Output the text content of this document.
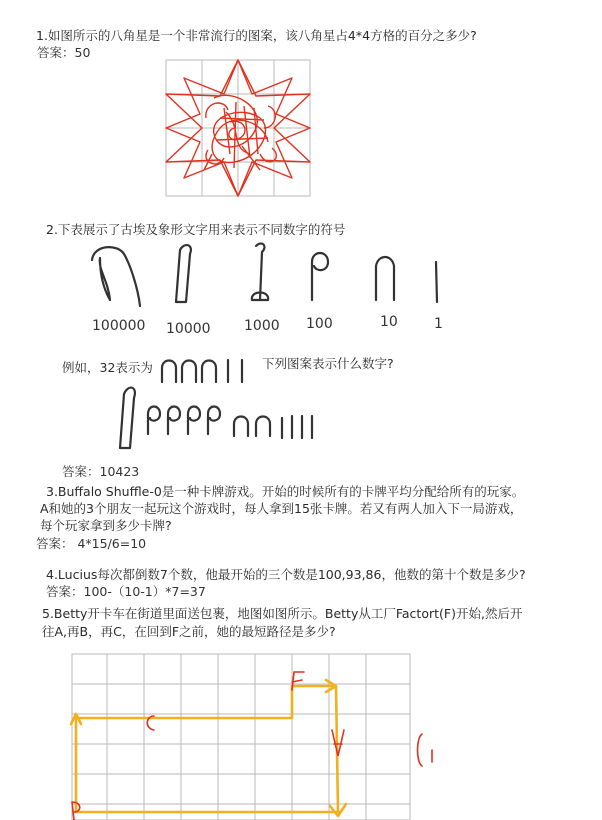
1.如图所示的八角星是一个非常流行的图案，该八角星占4*4方格的百分之多少?
答案：50
2.下表展示了古埃及象形文字用来表示不同数字的符号
100000 10000 1000 100	10	1
例如，32表示为	下列图案表示什么数字?
答案：10423
3.Buffalo Shuffle-0是一种卡牌游戏。开始的时候所有的卡牌平均分配给所有的玩家。
A和她的3个朋友一起玩这个游戏时，每人拿到15张卡牌。若又有两人加入下一局游戏，
每个玩家拿到多少卡牌?
答案： 4*15/6=10
4.Lucius每次都倒数7个数，他最开始的三个数是100,93,86，他数的第十个数是多少?
答案：100-（10-1）*7=37
5.Betty开卡车在街道里面送包裹，地图如图所示。Betty从工厂Factort(F)开始,然后开
往A,再B，再C，在回到F之前，她的最短路径是多少?
